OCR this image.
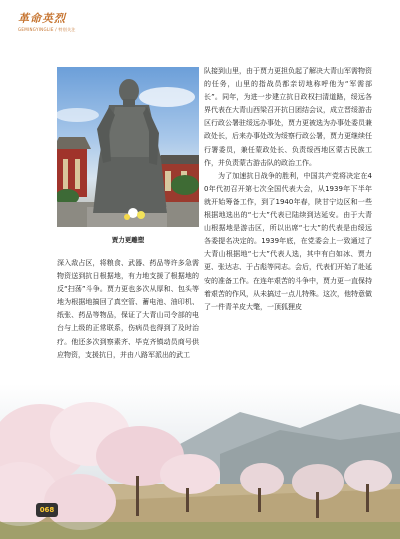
革命英烈
GEMINGYINGLIE / 特别关注
贾力更雕塑

队接到山里，由于贾力更担负起了解决大青山军需物资的任务，山里的指战员都亲切地称呼他为“军需部长”。同年，为进一步建立抗日政权扫清道路，绥远各界代表在大青山西梁召开抗日团结会议，成立晋绥游击区行政公署驻绥远办事处，贾力更被选为办事处委员兼政处长，后来办事处改为绥察行政公署，贾力更继续任行署委员，兼任蒙政处长、负责绥西地区蒙古民族工作，并负责蒙古游击队的政治工作。

为了加速抗日战争的胜利，中国共产党将决定在40年代初召开第七次全国代表大会，从1939年下半年就开始筹备工作，到了1940年春，陕甘宁边区和一些根据地选出的“七大”代表已陆续到达延安。由于大青山根据地是游击区，所以出席“七大”的代表是由绥远各委提名决定的。1939年底，在党委会上一致通过了大青山根据地“七大”代表人选，其中有白如冰、贾力更、张达志、于占彪等同志。会后，代表们开始了赴延安的准备工作。在连年艰苦的斗争中，贾力更一直保持着艰苦的作风，从未搞过一点儿特殊。这次，他特意做了一件青羊皮大氅，一顶狐狸皮

深入敌占区，将粮食、武器、药品等许多急需物资送到抗日根据地，有力地支援了根据地的反“扫荡”斗争。贾力更也多次从厚和、包头等地为根据地搞回了真空管、蓄电池、油印机、纸张、药品等物品，保证了大青山司令部的电台与上级的正常联系，伤病员也得到了及时治疗。他还多次到察素齐、毕克齐镇动员商号供应物资，支援抗日，并由八路军派出的武工

068
